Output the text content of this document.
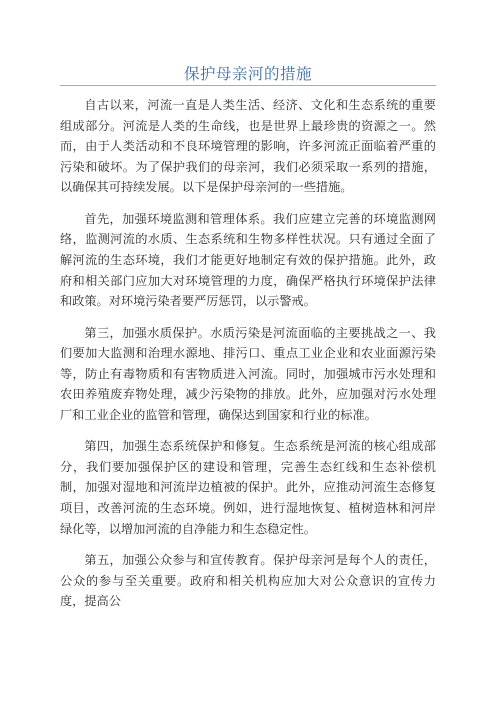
保护母亲河的措施

自古以来，河流一直是人类生活、经济、文化和生态系统的重要组成部分。河流是人类的生命线，也是世界上最珍贵的资源之一。然而，由于人类活动和不良环境管理的影响，许多河流正面临着严重的污染和破坏。为了保护我们的母亲河，我们必须采取一系列的措施，以确保其可持续发展。以下是保护母亲河的一些措施。

首先，加强环境监测和管理体系。我们应建立完善的环境监测网络，监测河流的水质、生态系统和生物多样性状况。只有通过全面了解河流的生态环境，我们才能更好地制定有效的保护措施。此外，政府和相关部门应加大对环境管理的力度，确保严格执行环境保护法律和政策。对环境污染者要严厉惩罚，以示警戒。

第三，加强水质保护。水质污染是河流面临的主要挑战之一、我们要加大监测和治理水源地、排污口、重点工业企业和农业面源污染等，防止有毒物质和有害物质进入河流。同时，加强城市污水处理和农田养殖废弃物处理，减少污染物的排放。此外，应加强对污水处理厂和工业企业的监管和管理，确保达到国家和行业的标准。

第四，加强生态系统保护和修复。生态系统是河流的核心组成部分，我们要加强保护区的建设和管理，完善生态红线和生态补偿机制，加强对湿地和河流岸边植被的保护。此外，应推动河流生态修复项目，改善河流的生态环境。例如，进行湿地恢复、植树造林和河岸绿化等，以增加河流的自净能力和生态稳定性。

第五，加强公众参与和宣传教育。保护母亲河是每个人的责任，公众的参与至关重要。政府和相关机构应加大对公众意识的宣传力度，提高公
